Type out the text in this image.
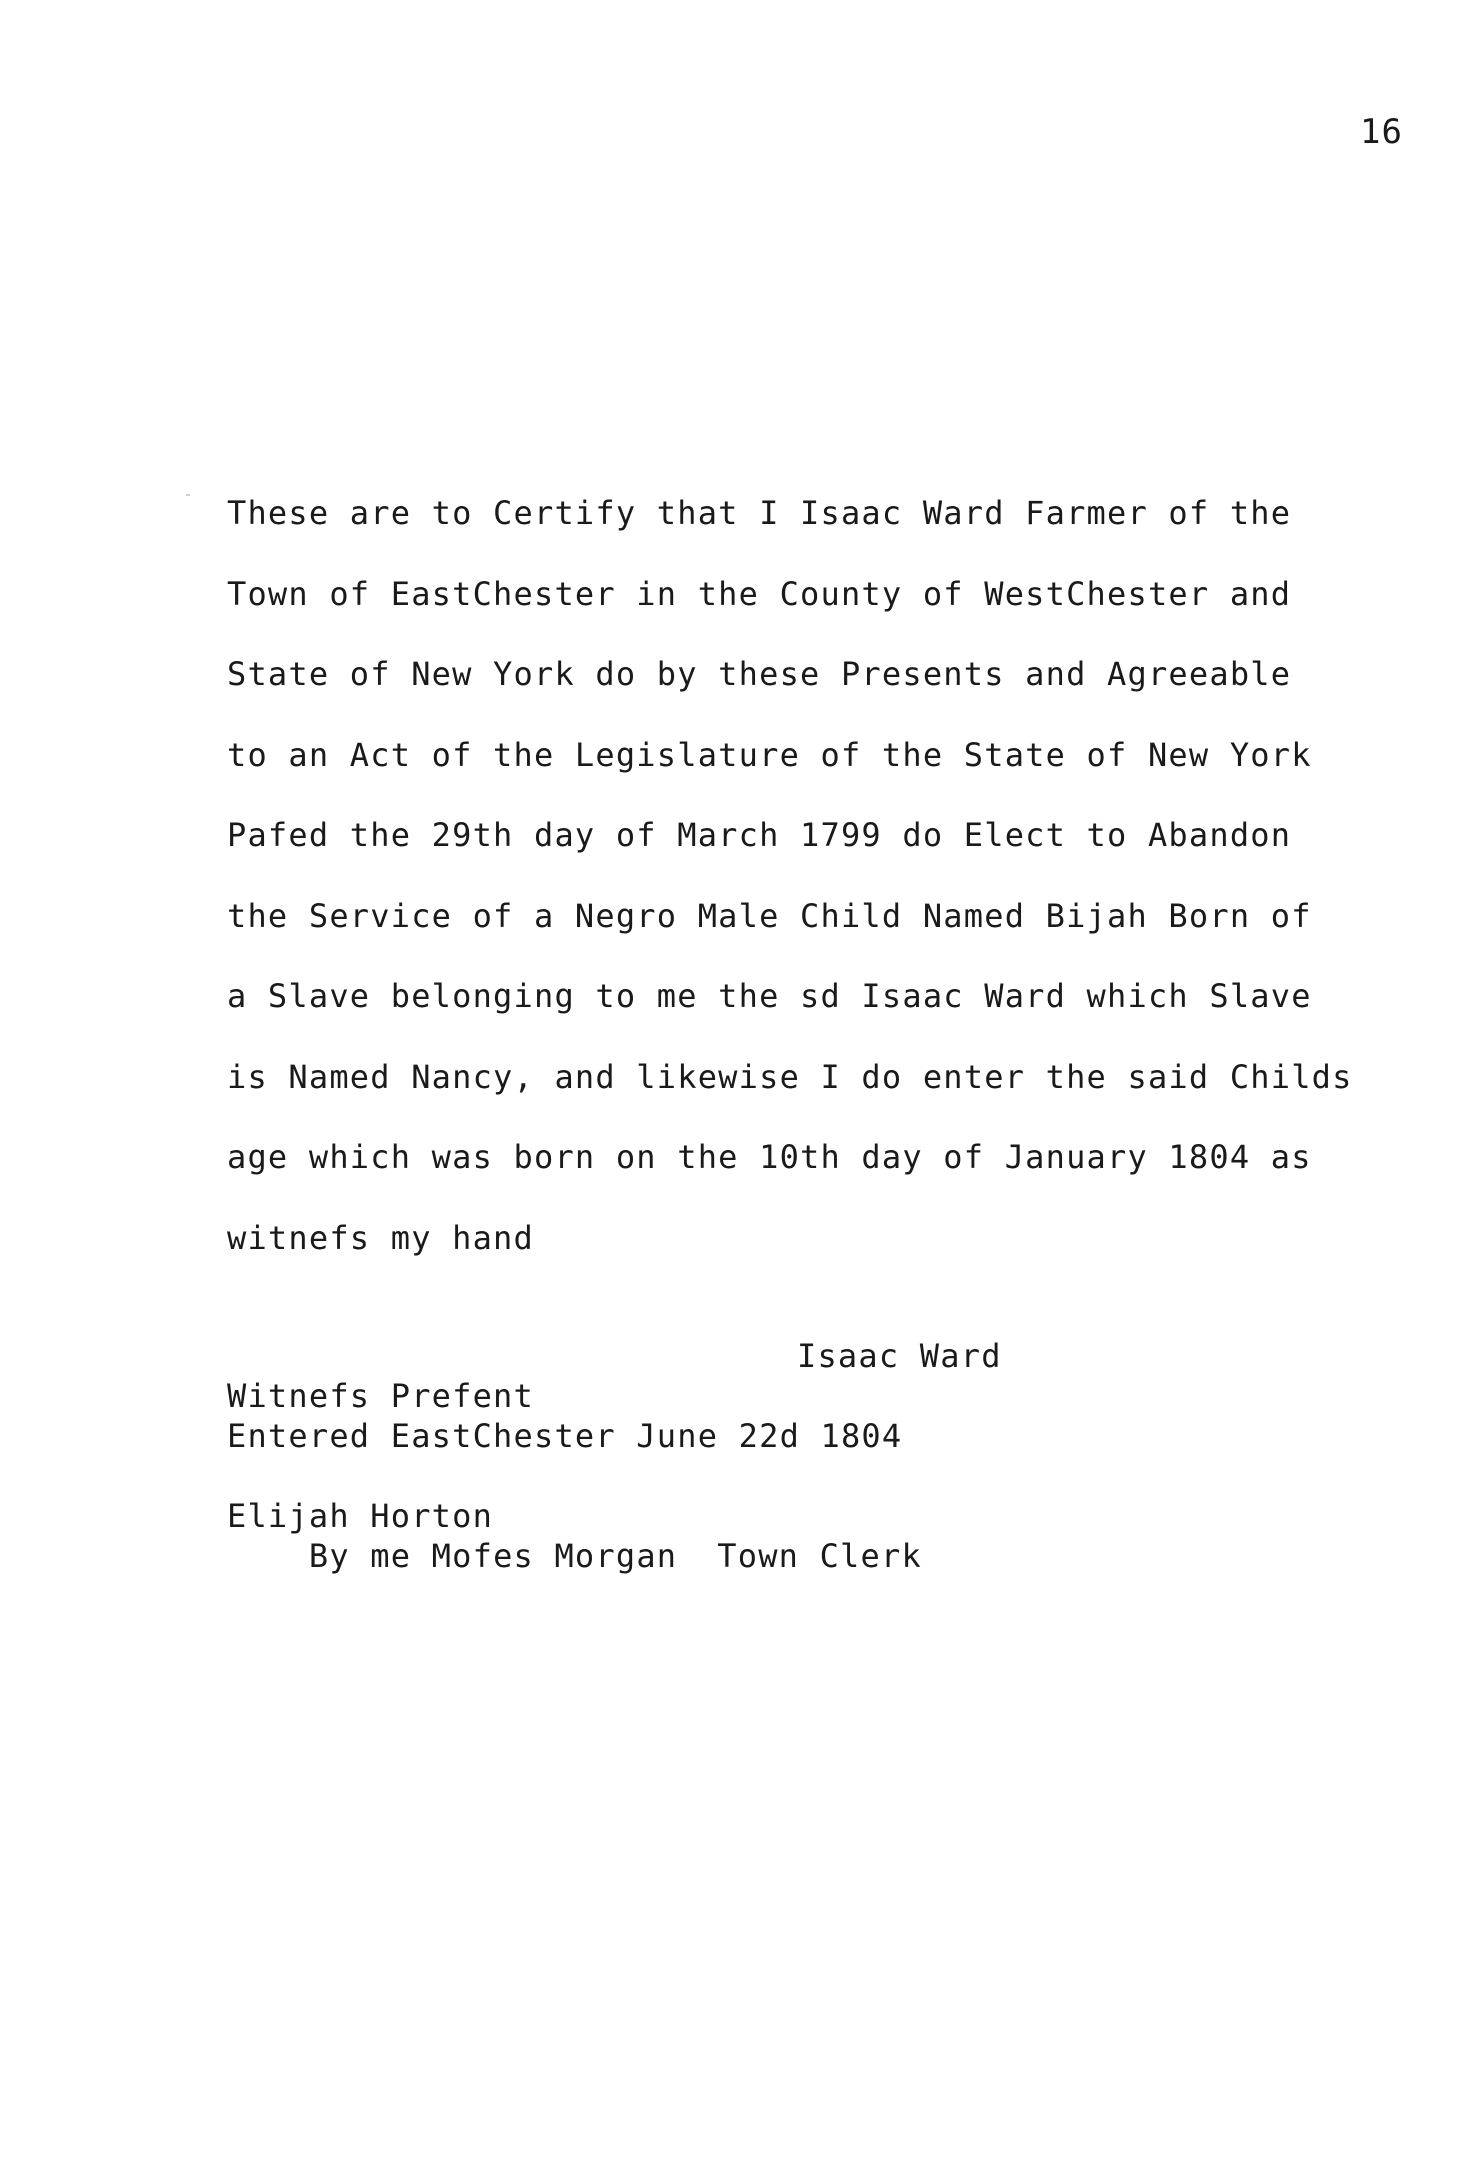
16
These are to Certify that I Isaac Ward Farmer of the
Town of EastChester in the County of WestChester and
State of New York do by these Presents and Agreeable
to an Act of the Legislature of the State of New York
Pafed the 29th day of March 1799 do Elect to Abandon
the Service of a Negro Male Child Named Bijah Born of
a Slave belonging to me the sd Isaac Ward which Slave
is Named Nancy, and likewise I do enter the said Childs
age which was born on the 10th day of January 1804 as
witnefs my hand

Witnefs Prefent

Elijah Horton

Isaac Ward
Entered EastChester June 22d 1804

By me Mofes Morgan Town Clerk
